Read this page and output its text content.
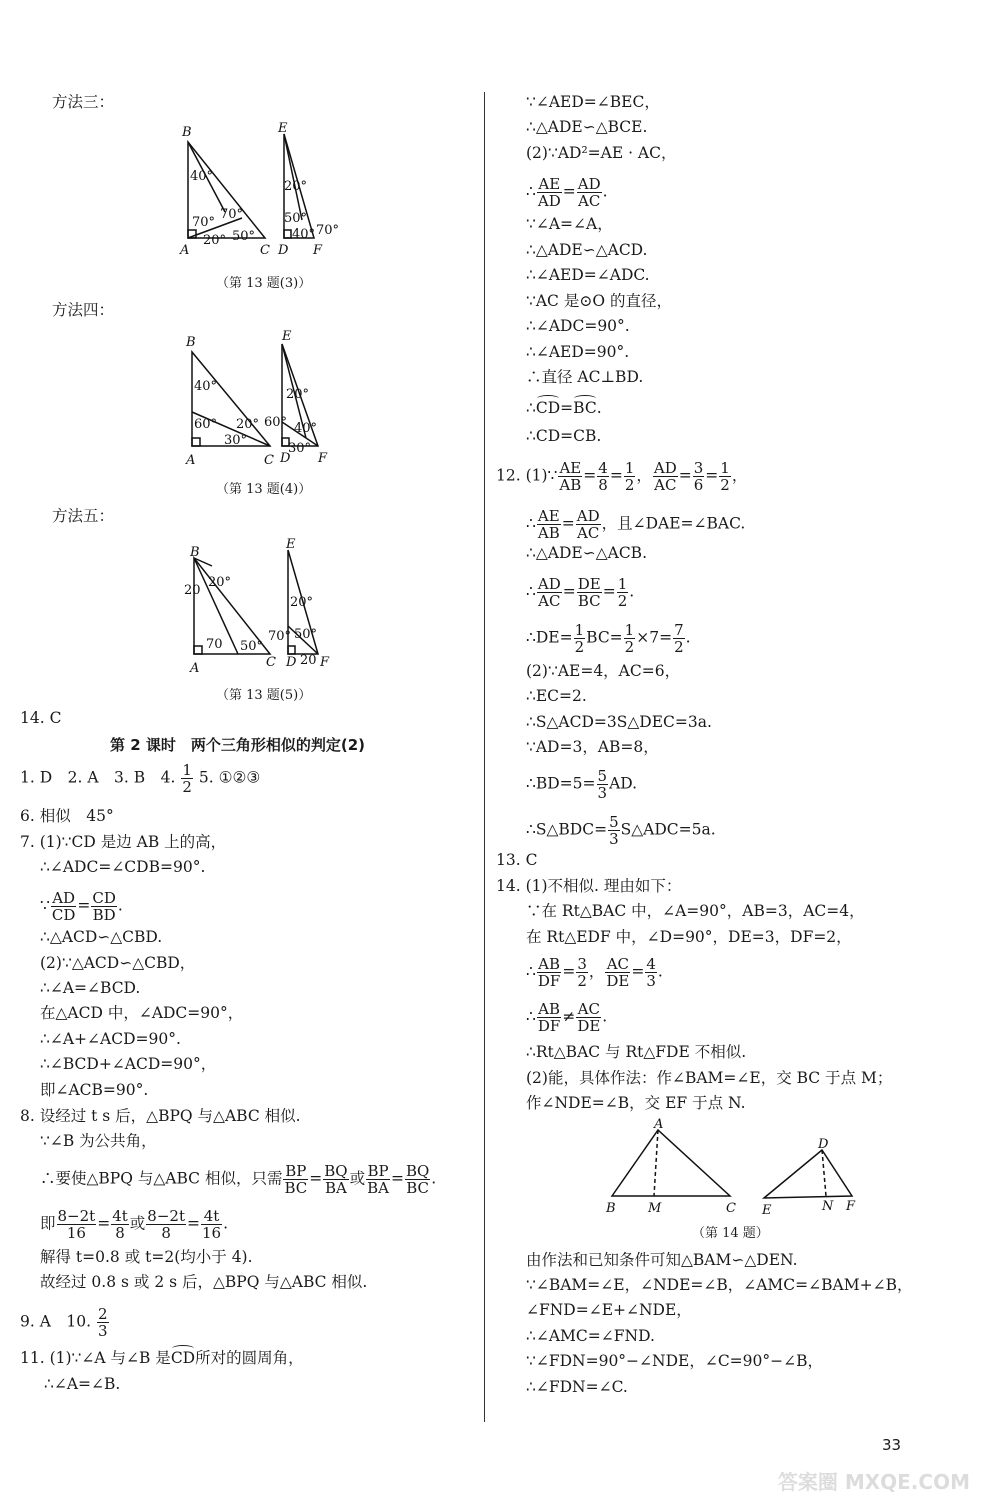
方法三：
B
A	C
E
D F
40°
70°
70°
20° 50°
20°
50°
40° 70°
（第 13 题(3)）
方法四：
B
A	C
E
D F
40°
60° 20°
30°
20°
60° 40°
30°
（第 13 题(4)）
方法五：
B
A	C
E
D F
20
20°
70 50°
20°
70° 50°
20
（第 13 题(5)）
14. C
第 2 课时　两个三角形相似的判定(2)
1. D　2. A　3. B　4. $\frac{1}{2} 5$. ①②③
6. 相似　45°
7. (1)∵CD 是边 AB 上的高，
∴∠ADC=∠CDB=90°.
∵ $\frac{AD}{CD} = \frac{CD}{BD}$ .
∴△ACD∽△CBD.
(2)∵△ACD∽△CBD，
∴∠A=∠BCD.
在△ACD 中，∠ADC=90°，
∴∠A+∠ACD=90°.
∴∠BCD+∠ACD=90°，
即∠ACB=90°.
8. 设经过 t s 后，△BPQ 与△ABC 相似.
∵∠B 为公共角，
∴要使△BPQ 与△ABC 相似，只需 $\frac{BP}{BC} = \frac{BQ}{BA}$ 或 $\frac{BP}{BA} = \frac{BQ}{BC}$ .
即 $\frac{8-2t}{16} = \frac{4t}{8}$ 或 $\frac{8-2t}{8} = \frac{4t}{16}$ .
解得 t=0.8 或 t=2(均小于 4).
故经过 0.8 s 或 2 s 后，△BPQ 与△ABC 相似.
9. A　10. $\frac{2}{3}$
11. (1)∵∠A 与∠B 是CD所对的圆周角，
∴∠A=∠B.
∵∠AED=∠BEC，
∴△ADE∽△BCE.
(2)∵AD²=AE · AC，
∴ $\frac{AE}{AD} = \frac{AD}{AC}$ .
∵∠A=∠A，
∴△ADE∽△ACD.
∴∠AED=∠ADC.
∵AC 是⊙O 的直径，
∴∠ADC=90°.
∴∠AED=90°.
∴直径 AC⊥BD.
∴CD=BC.
∴CD=CB.
12. (1)∵ $\frac{AE}{AB} = \frac{4}{8} = \frac{1}{2}$ ， $\frac{AD}{AC} = \frac{3}{6} = \frac{1}{2}$ ，
∴ $\frac{AE}{AB} = \frac{AD}{AC}$ ，且∠DAE=∠BAC.
∴△ADE∽△ACB.
∴ $\frac{AD}{AC} = \frac{DE}{BC} = \frac{1}{2}$ .
∴DE= $\frac{1}{2} BC= \frac{1}{2} \times 7= \frac{7}{2}$ .
(2)∵AE=4，AC=6，
∴EC=2.
∴S△ACD=3S△DEC=3a.
∵AD=3，AB=8，
∴BD=5= $\frac{5}{3}$ AD.
∴S△BDC= $\frac{5}{3}$ S△ADC=5a.
13. C
14. (1)不相似. 理由如下：
∵在 Rt△BAC 中，∠A=90°，AB=3，AC=4，
在 Rt△EDF 中，∠D=90°，DE=3，DF=2，
∴ $\frac{AB}{DF} = \frac{3}{2}$ ， $\frac{AC}{DE} = \frac{4}{3}$ .
∴ $\frac{AB}{DF} \ne \frac{AC}{DE}$ .
∴Rt△BAC 与 Rt△FDE 不相似.
(2)能，具体作法：作∠BAM=∠E，交 BC 于点 M；
作∠NDE=∠B，交 EF 于点 N.
A
B M	C
D
E	N F
（第 14 题）
由作法和已知条件可知△BAM∽△DEN.
∵∠BAM=∠E，∠NDE=∠B，∠AMC=∠BAM+∠B，
∠FND=∠E+∠NDE，
∴∠AMC=∠FND.
∵∠FDN=90°−∠NDE，∠C=90°−∠B，
∴∠FDN=∠C.
33
答案圈 MXQE.COM
